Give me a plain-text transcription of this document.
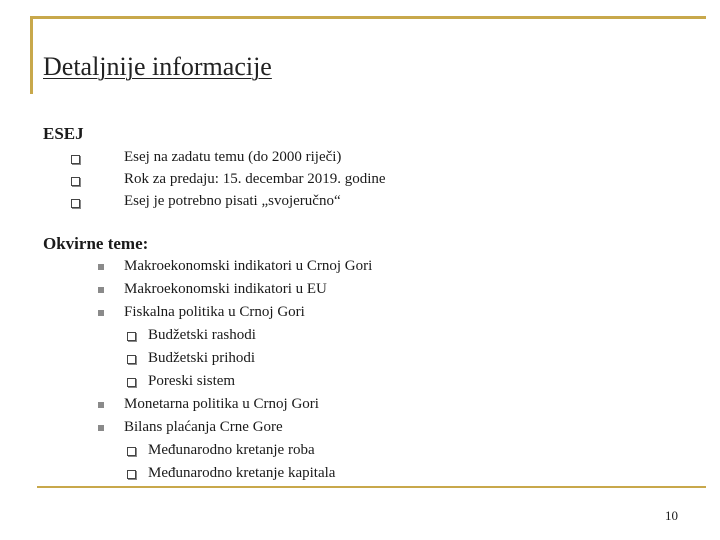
Detaljnije informacije
ESEJ
Esej na zadatu temu (do 2000 riječi)
Rok za predaju: 15. decembar 2019. godine
Esej je potrebno pisati „svojeručno“
Okvirne teme:
Makroekonomski indikatori u Crnoj Gori
Makroekonomski indikatori u EU
Fiskalna politika u Crnoj Gori
Budžetski rashodi
Budžetski prihodi
Poreski sistem
Monetarna politika u Crnoj Gori
Bilans plaćanja Crne Gore
Međunarodno kretanje roba
Međunarodno kretanje kapitala
10
